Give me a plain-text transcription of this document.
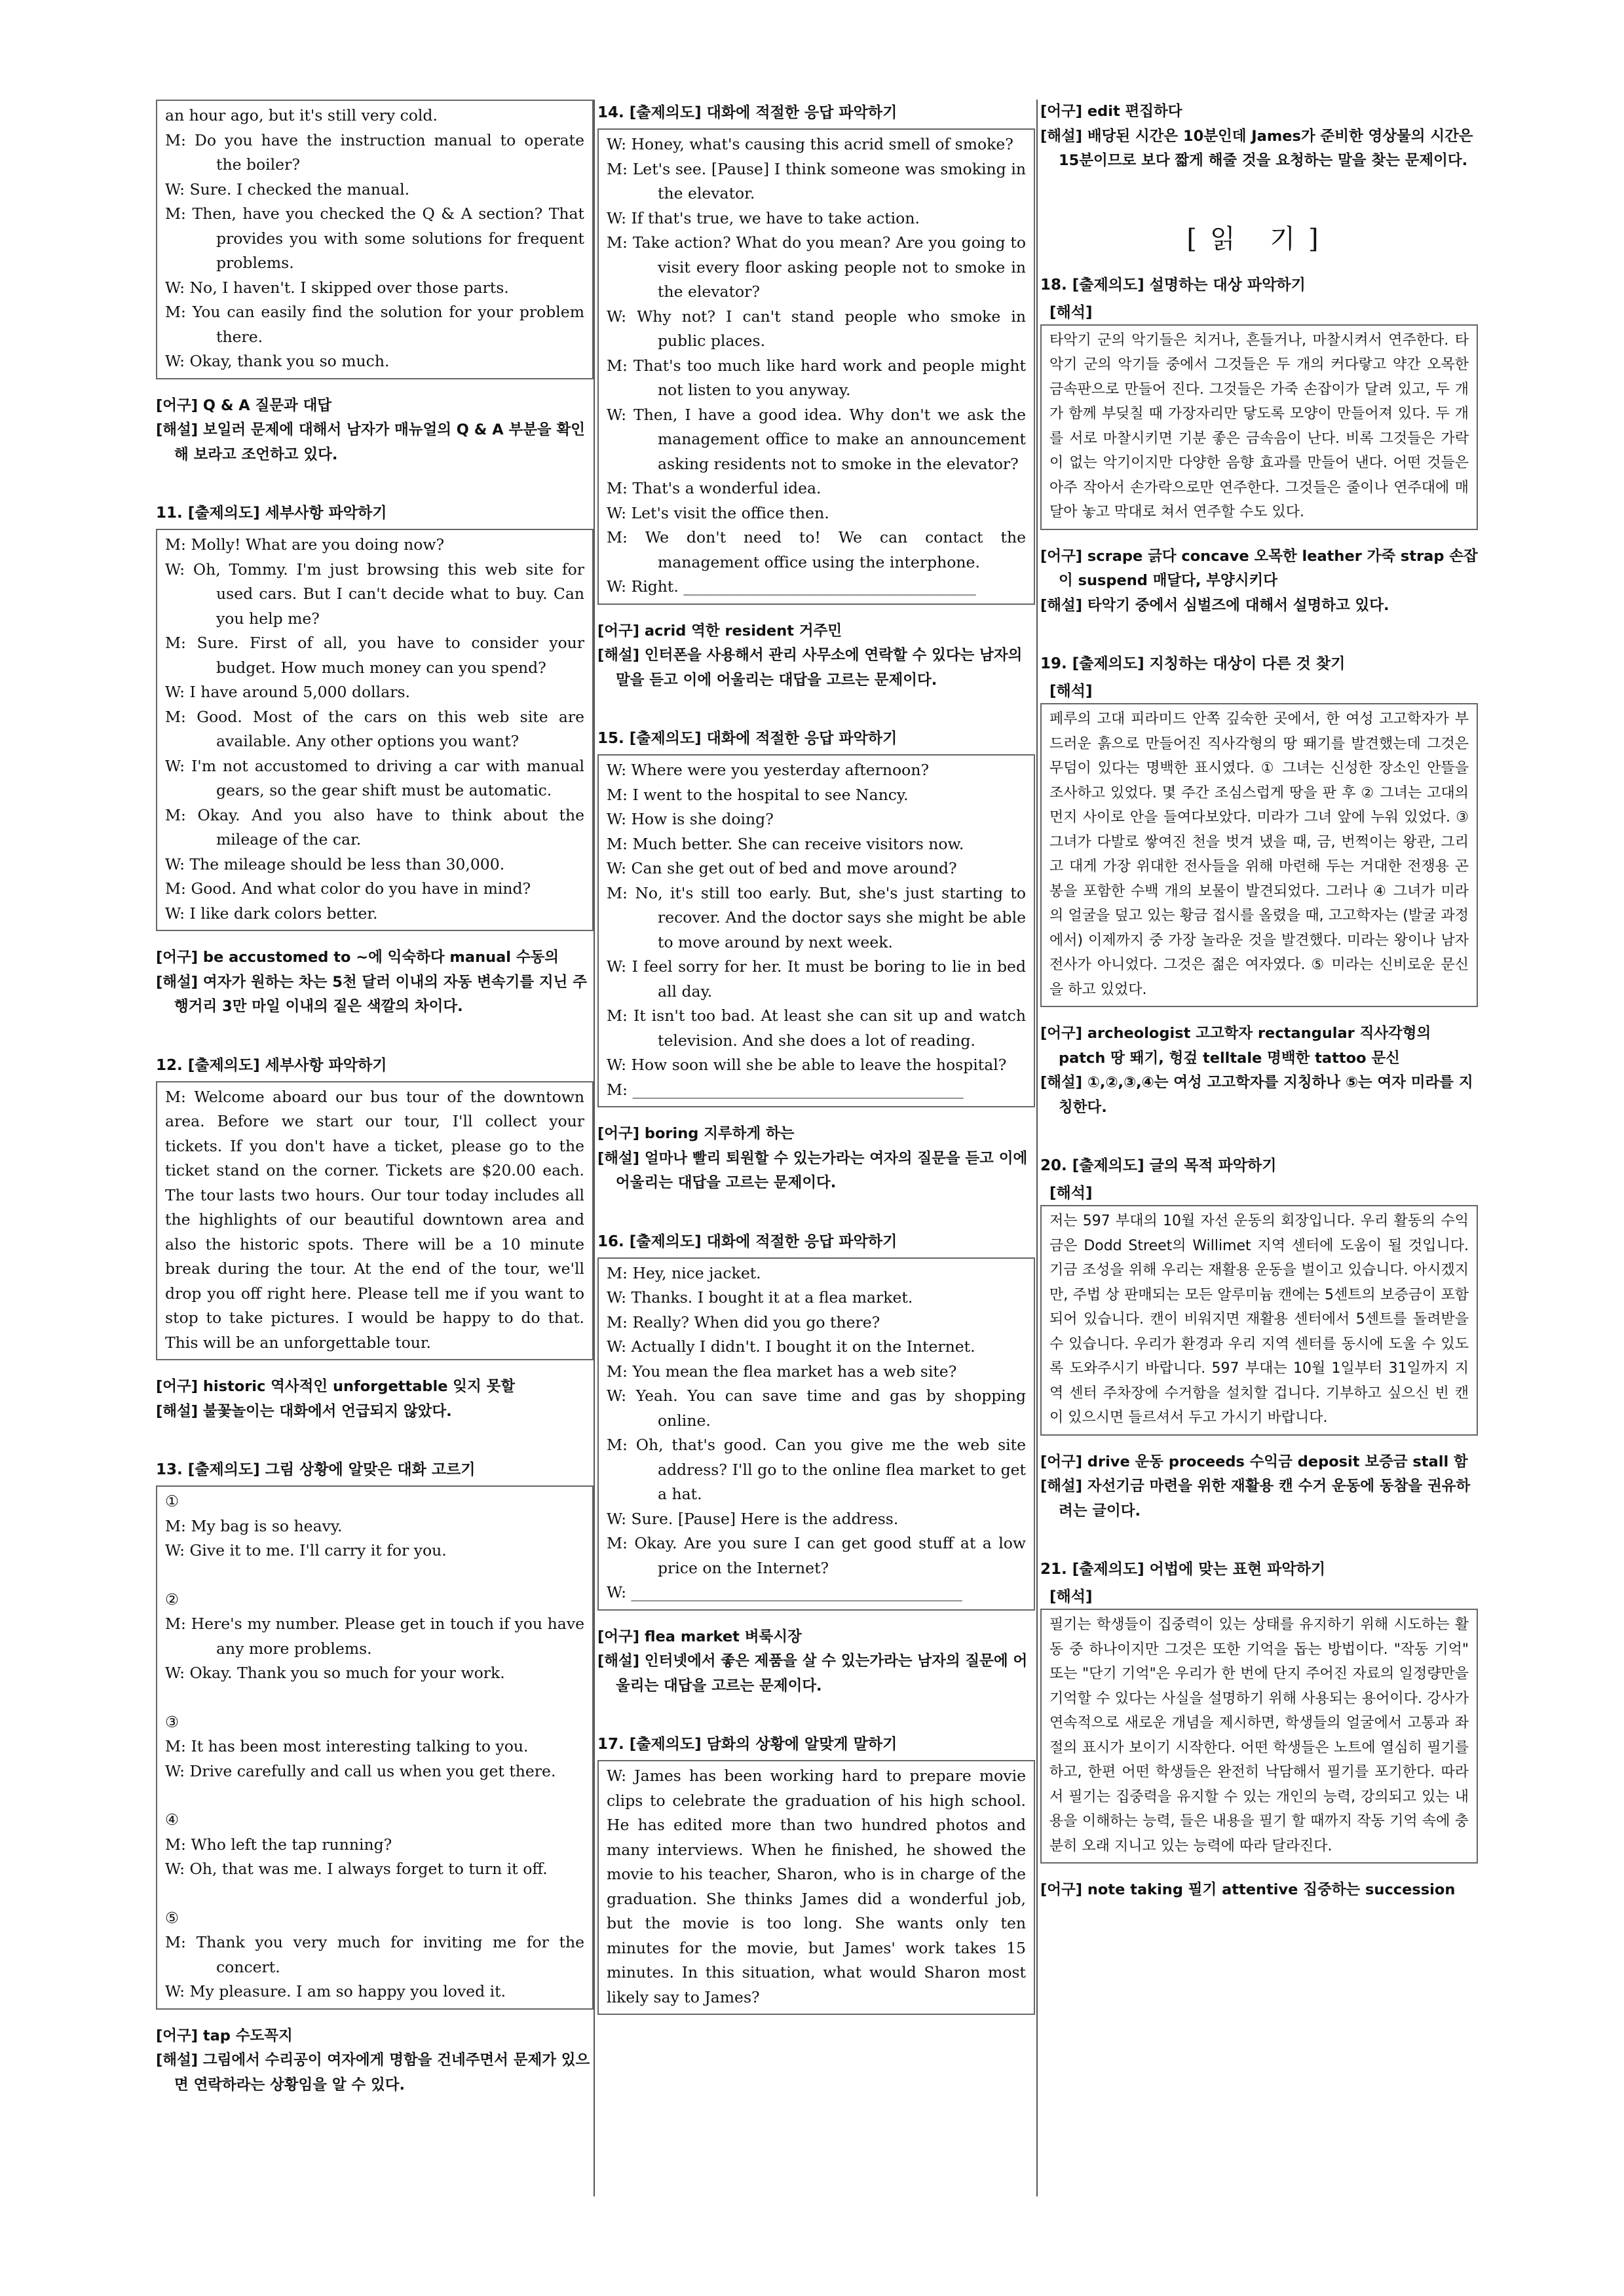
an hour ago, but it's still very cold.
M: Do you have the instruction manual to operate the boiler?
W: Sure. I checked the manual.
M: Then, have you checked the Q & A section? That provides you with some solutions for frequent problems.
W: No, I haven't. I skipped over those parts.
M: You can easily find the solution for your problem there.
W: Okay, thank you so much.
[어구] Q & A 질문과 대답
[해설] 보일러 문제에 대해서 남자가 매뉴얼의 Q & A 부분을 확인해 보라고 조언하고 있다.
11. [출제의도] 세부사항 파악하기
M: Molly! What are you doing now?
W: Oh, Tommy. I'm just browsing this web site for used cars. But I can't decide what to buy. Can you help me?
M: Sure. First of all, you have to consider your budget. How much money can you spend?
W: I have around 5,000 dollars.
M: Good. Most of the cars on this web site are available. Any other options you want?
W: I'm not accustomed to driving a car with manual gears, so the gear shift must be automatic.
M: Okay. And you also have to think about the mileage of the car.
W: The mileage should be less than 30,000.
M: Good. And what color do you have in mind?
W: I like dark colors better.
[어구] be accustomed to ~에 익숙하다 manual 수동의
[해설] 여자가 원하는 차는 5천 달러 이내의 자동 변속기를 지닌 주행거리 3만 마일 이내의 짙은 색깔의 차이다.
12. [출제의도] 세부사항 파악하기
M: Welcome aboard our bus tour of the downtown area. Before we start our tour, I'll collect your tickets. If you don't have a ticket, please go to the ticket stand on the corner. Tickets are $20.00 each. The tour lasts two hours. Our tour today includes all the highlights of our beautiful downtown area and also the historic spots. There will be a 10 minute break during the tour. At the end of the tour, we'll drop you off right here. Please tell me if you want to stop to take pictures. I would be happy to do that. This will be an unforgettable tour.
[어구] historic 역사적인 unforgettable 잊지 못할
[해설] 불꽃놀이는 대화에서 언급되지 않았다.
13. [출제의도] 그림 상황에 알맞은 대화 고르기
①
M: My bag is so heavy.
W: Give it to me. I'll carry it for you.
②
M: Here's my number. Please get in touch if you have any more problems.
W: Okay. Thank you so much for your work.
③
M: It has been most interesting talking to you.
W: Drive carefully and call us when you get there.
④
M: Who left the tap running?
W: Oh, that was me. I always forget to turn it off.
⑤
M: Thank you very much for inviting me for the concert.
W: My pleasure. I am so happy you loved it.
[어구] tap 수도꼭지
[해설] 그림에서 수리공이 여자에게 명함을 건네주면서 문제가 있으면 연락하라는 상황임을 알 수 있다.
14. [출제의도] 대화에 적절한 응답 파악하기
W: Honey, what's causing this acrid smell of smoke?
M: Let's see. [Pause] I think someone was smoking in the elevator.
W: If that's true, we have to take action.
M: Take action? What do you mean? Are you going to visit every floor asking people not to smoke in the elevator?
W: Why not? I can't stand people who smoke in public places.
M: That's too much like hard work and people might not listen to you anyway.
W: Then, I have a good idea. Why don't we ask the management office to make an announcement asking residents not to smoke in the elevator?
M: That's a wonderful idea.
W: Let's visit the office then.
M: We don't need to! We can contact the management office using the interphone.
W: Right. ______________________________________
[어구] acrid 역한 resident 거주민
[해설] 인터폰을 사용해서 관리 사무소에 연락할 수 있다는 남자의 말을 듣고 이에 어울리는 대답을 고르는 문제이다.
15. [출제의도] 대화에 적절한 응답 파악하기
W: Where were you yesterday afternoon?
M: I went to the hospital to see Nancy.
W: How is she doing?
M: Much better. She can receive visitors now.
W: Can she get out of bed and move around?
M: No, it's still too early. But, she's just starting to recover. And the doctor says she might be able to move around by next week.
W: I feel sorry for her. It must be boring to lie in bed all day.
M: It isn't too bad. At least she can sit up and watch television. And she does a lot of reading.
W: How soon will she be able to leave the hospital?
M: ___________________________________________
[어구] boring 지루하게 하는
[해설] 얼마나 빨리 퇴원할 수 있는가라는 여자의 질문을 듣고 이에 어울리는 대답을 고르는 문제이다.
16. [출제의도] 대화에 적절한 응답 파악하기
M: Hey, nice jacket.
W: Thanks. I bought it at a flea market.
M: Really? When did you go there?
W: Actually I didn't. I bought it on the Internet.
M: You mean the flea market has a web site?
W: Yeah. You can save time and gas by shopping online.
M: Oh, that's good. Can you give me the web site address? I'll go to the online flea market to get a hat.
W: Sure. [Pause] Here is the address.
M: Okay. Are you sure I can get good stuff at a low price on the Internet?
W: ___________________________________________
[어구] flea market 벼룩시장
[해설] 인터넷에서 좋은 제품을 살 수 있는가라는 남자의 질문에 어울리는 대답을 고르는 문제이다.
17. [출제의도] 담화의 상황에 알맞게 말하기
W: James has been working hard to prepare movie clips to celebrate the graduation of his high school. He has edited more than two hundred photos and many interviews. When he finished, he showed the movie to his teacher, Sharon, who is in charge of the graduation. She thinks James did a wonderful job, but the movie is too long. She wants only ten minutes for the movie, but James' work takes 15 minutes. In this situation, what would Sharon most likely say to James?
[어구] edit 편집하다
[해설] 배당된 시간은 10분인데 James가 준비한 영상물의 시간은 15분이므로 보다 짧게 해줄 것을 요청하는 말을 찾는 문제이다.
[읽 기]
18. [출제의도] 설명하는 대상 파악하기
[해석]
타악기 군의 악기들은 치거나, 흔들거나, 마찰시켜서 연주한다. 타악기 군의 악기들 중에서 그것들은 두 개의 커다랗고 약간 오목한 금속판으로 만들어 진다. 그것들은 가죽 손잡이가 달려 있고, 두 개가 함께 부딪칠 때 가장자리만 닿도록 모양이 만들어져 있다. 두 개를 서로 마찰시키면 기분 좋은 금속음이 난다. 비록 그것들은 가락이 없는 악기이지만 다양한 음향 효과를 만들어 낸다. 어떤 것들은 아주 작아서 손가락으로만 연주한다. 그것들은 줄이나 연주대에 매달아 놓고 막대로 쳐서 연주할 수도 있다.
[어구] scrape 긁다 concave 오목한 leather 가죽 strap 손잡이 suspend 매달다, 부양시키다
[해설] 타악기 중에서 심벌즈에 대해서 설명하고 있다.
19. [출제의도] 지칭하는 대상이 다른 것 찾기
[해석]
페루의 고대 피라미드 안쪽 깊숙한 곳에서, 한 여성 고고학자가 부드러운 흙으로 만들어진 직사각형의 땅 뙈기를 발견했는데 그것은 무덤이 있다는 명백한 표시였다. ① 그녀는 신성한 장소인 안뜰을 조사하고 있었다. 몇 주간 조심스럽게 땅을 판 후 ② 그녀는 고대의 먼지 사이로 안을 들여다보았다. 미라가 그녀 앞에 누워 있었다. ③ 그녀가 다발로 쌓여진 천을 벗겨 냈을 때, 금, 번쩍이는 왕관, 그리고 대게 가장 위대한 전사들을 위해 마련해 두는 거대한 전쟁용 곤봉을 포함한 수백 개의 보물이 발견되었다. 그러나 ④ 그녀가 미라의 얼굴을 덮고 있는 황금 접시를 올렸을 때, 고고학자는 (발굴 과정에서) 이제까지 중 가장 놀라운 것을 발견했다. 미라는 왕이나 남자 전사가 아니었다. 그것은 젊은 여자였다. ⑤ 미라는 신비로운 문신을 하고 있었다.
[어구] archeologist 고고학자 rectangular 직사각형의 patch 땅 뙈기, 헝겊 telltale 명백한 tattoo 문신
[해설] ①,②,③,④는 여성 고고학자를 지칭하나 ⑤는 여자 미라를 지칭한다.
20. [출제의도] 글의 목적 파악하기
[해석]
저는 597 부대의 10월 자선 운동의 회장입니다. 우리 활동의 수익금은 Dodd Street의 Willimet 지역 센터에 도움이 될 것입니다. 기금 조성을 위해 우리는 재활용 운동을 벌이고 있습니다. 아시겠지만, 주법 상 판매되는 모든 알루미늄 캔에는 5센트의 보증금이 포함되어 있습니다. 캔이 비워지면 재활용 센터에서 5센트를 돌려받을 수 있습니다. 우리가 환경과 우리 지역 센터를 동시에 도울 수 있도록 도와주시기 바랍니다. 597 부대는 10월 1일부터 31일까지 지역 센터 주차장에 수거함을 설치할 겁니다. 기부하고 싶으신 빈 캔이 있으시면 들르셔서 두고 가시기 바랍니다.
[어구] drive 운동 proceeds 수익금 deposit 보증금 stall 함
[해설] 자선기금 마련을 위한 재활용 캔 수거 운동에 동참을 권유하려는 글이다.
21. [출제의도] 어법에 맞는 표현 파악하기
[해석]
필기는 학생들이 집중력이 있는 상태를 유지하기 위해 시도하는 활동 중 하나이지만 그것은 또한 기억을 돕는 방법이다. "작동 기억" 또는 "단기 기억"은 우리가 한 번에 단지 주어진 자료의 일정량만을 기억할 수 있다는 사실을 설명하기 위해 사용되는 용어이다. 강사가 연속적으로 새로운 개념을 제시하면, 학생들의 얼굴에서 고통과 좌절의 표시가 보이기 시작한다. 어떤 학생들은 노트에 열심히 필기를 하고, 한편 어떤 학생들은 완전히 낙담해서 필기를 포기한다. 따라서 필기는 집중력을 유지할 수 있는 개인의 능력, 강의되고 있는 내용을 이해하는 능력, 들은 내용을 필기 할 때까지 작동 기억 속에 충분히 오래 지니고 있는 능력에 따라 달라진다.
[어구] note taking 필기 attentive 집중하는 succession
